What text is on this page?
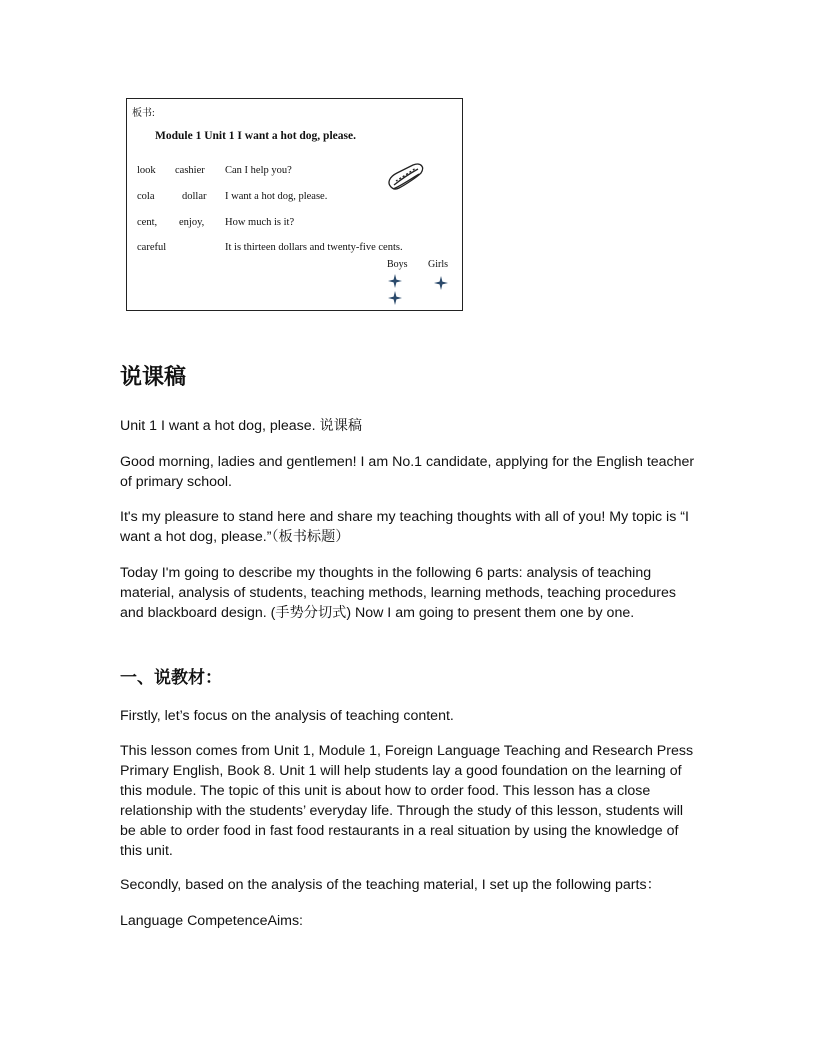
板书:
Module 1 Unit 1 I want a hot dog, please.
look cashier Can I help you?
cola	dollar I want a hot dog, please.
cent, enjoy, How much is it?
careful	It is thirteen dollars and twenty-five cents.
Boys Girls
说课稿

Unit 1 I want a hot dog, please. 说课稿

Good morning, ladies and gentlemen! I am No.1 candidate, applying for the English teacher of primary school.

It's my pleasure to stand here and share my teaching thoughts with all of you! My topic is “I want a hot dog, please.”（板书标题）

Today I'm going to describe my thoughts in the following 6 parts: analysis of teaching material, analysis of students, teaching methods, learning methods, teaching procedures and blackboard design. (手势分切式) Now I am going to present them one by one.

一、说教材：

Firstly, let’s focus on the analysis of teaching content.

This lesson comes from Unit 1, Module 1, Foreign Language Teaching and Research Press Primary English, Book 8. Unit 1 will help students lay a good foundation on the learning of this module. The topic of this unit is about how to order food. This lesson has a close relationship with the students’ everyday life. Through the study of this lesson, students will be able to order food in fast food restaurants in a real situation by using the knowledge of this unit.

Secondly, based on the analysis of the teaching material, I set up the following parts：

Language CompetenceAims:
